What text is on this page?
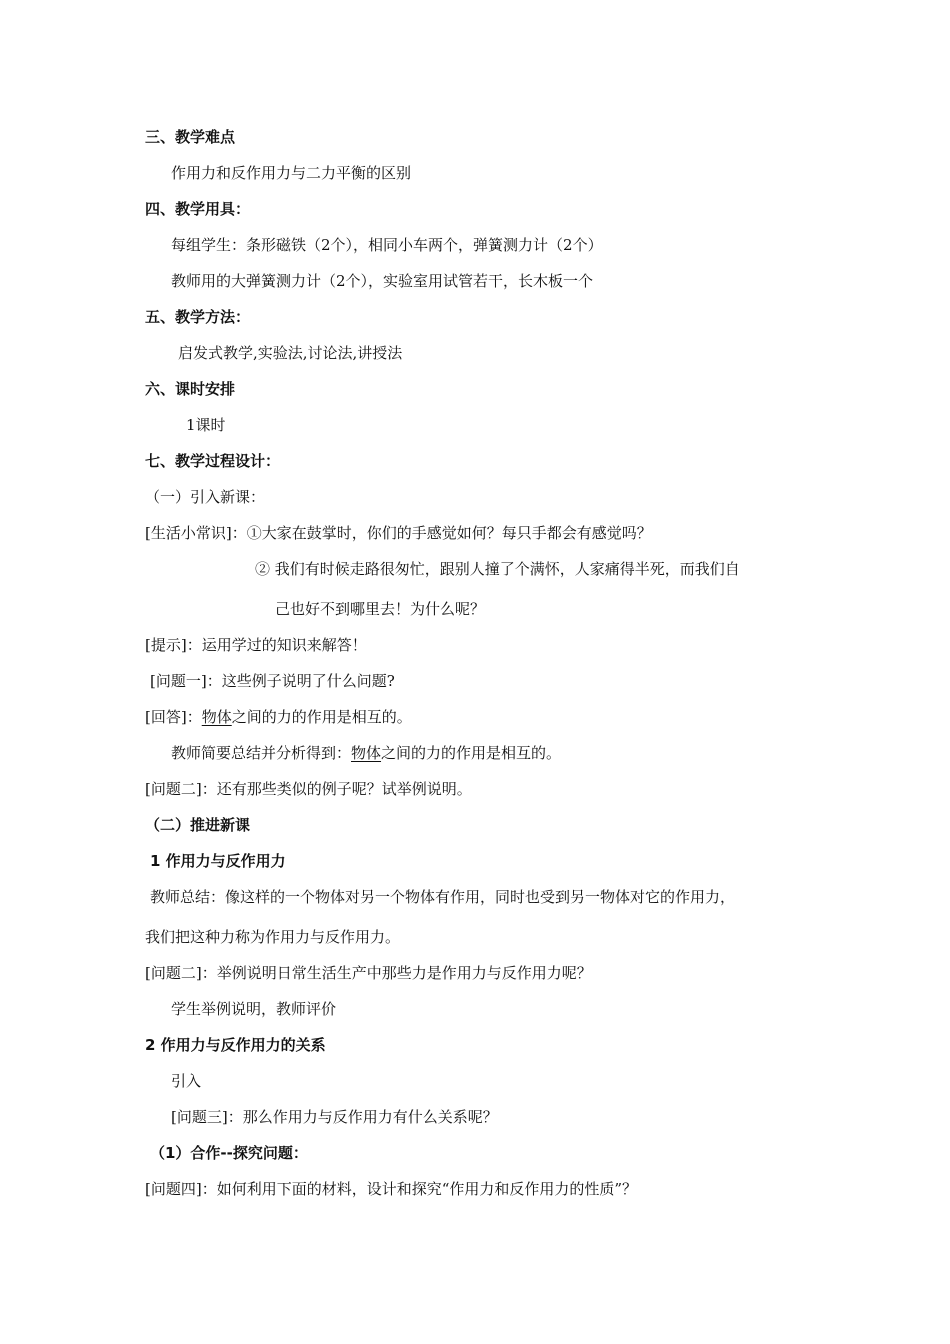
三、教学难点
作用力和反作用力与二力平衡的区别
四、教学用具：
每组学生：条形磁铁（2个），相同小车两个，弹簧测力计（2个）
教师用的大弹簧测力计（2个），实验室用试管若干，长木板一个
五、教学方法：
启发式教学,实验法,讨论法,讲授法
六、课时安排
1课时
七、教学过程设计：
（一）引入新课：
[生活小常识]：①大家在鼓掌时，你们的手感觉如何？每只手都会有感觉吗？
② 我们有时候走路很匆忙，跟别人撞了个满怀，人家痛得半死，而我们自
己也好不到哪里去！为什么呢？
[提示]：运用学过的知识来解答！
[问题一]：这些例子说明了什么问题?
[回答]：物体之间的力的作用是相互的。
教师简要总结并分析得到：物体之间的力的作用是相互的。
[问题二]：还有那些类似的例子呢？试举例说明。
（二）推进新课
1 作用力与反作用力
教师总结：像这样的一个物体对另一个物体有作用，同时也受到另一物体对它的作用力，
我们把这种力称为作用力与反作用力。
[问题二]：举例说明日常生活生产中那些力是作用力与反作用力呢？
学生举例说明，教师评价
2 作用力与反作用力的关系
引入
[问题三]：那么作用力与反作用力有什么关系呢？
（1）合作--探究问题：
[问题四]：如何利用下面的材料，设计和探究“作用力和反作用力的性质”？
